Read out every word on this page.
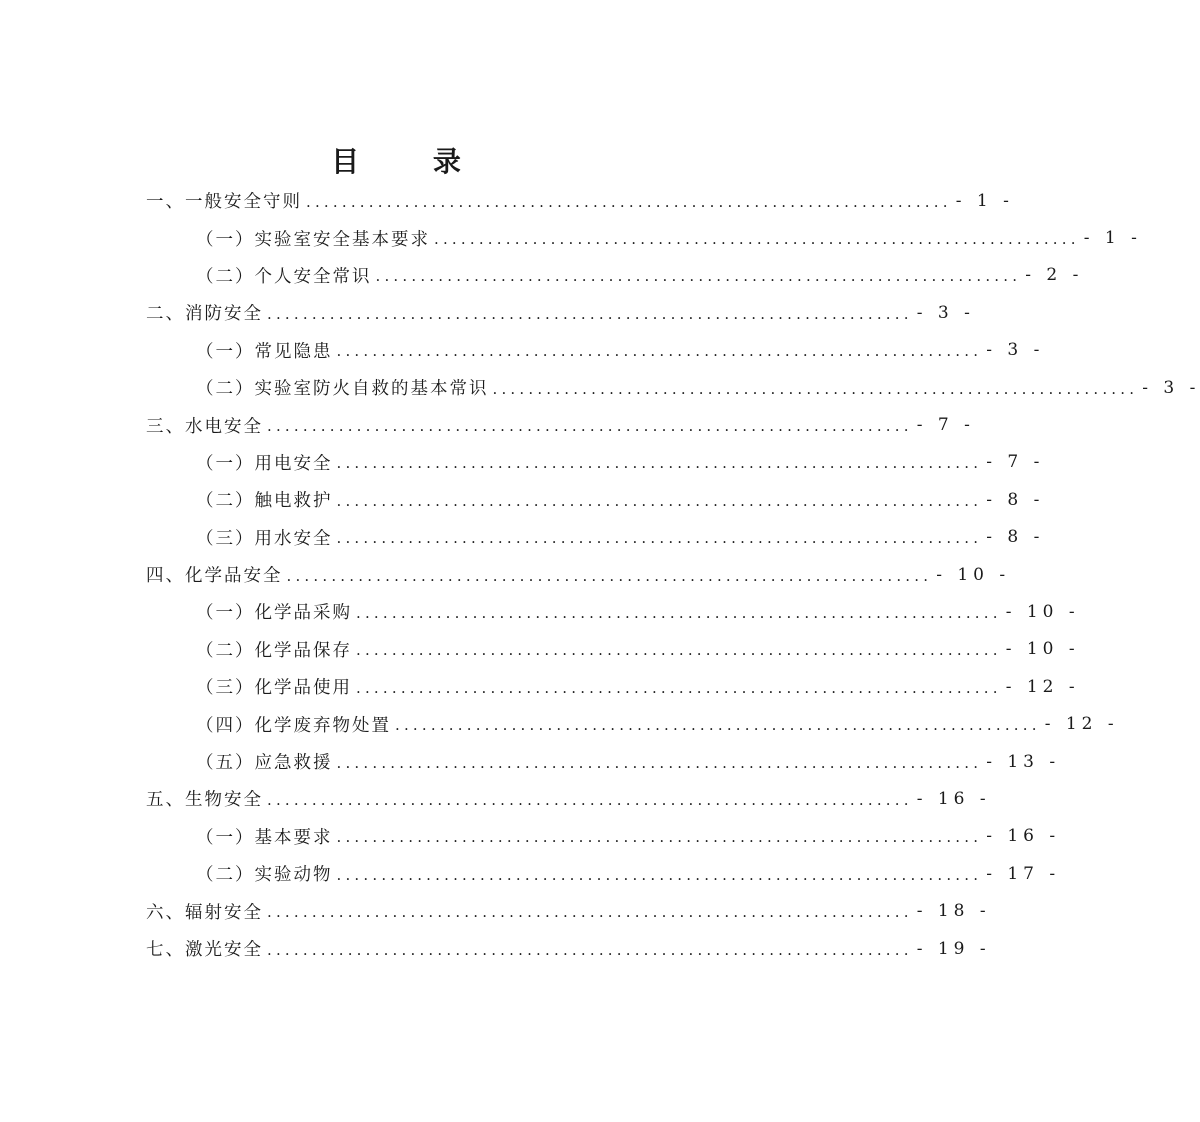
目 录
一、一般安全守则 ........................................................................ - 1 -
（一）实验室安全基本要求 ........................................................................ - 1 -
（二）个人安全常识 ........................................................................ - 2 -
二、消防安全 ........................................................................ - 3 -
（一）常见隐患 ........................................................................ - 3 -
（二）实验室防火自救的基本常识 ........................................................................ - 3 -
三、水电安全 ........................................................................ - 7 -
（一）用电安全 ........................................................................ - 7 -
（二）触电救护 ........................................................................ - 8 -
（三）用水安全 ........................................................................ - 8 -
四、化学品安全 ........................................................................ - 10 -
（一）化学品采购 ........................................................................ - 10 -
（二）化学品保存 ........................................................................ - 10 -
（三）化学品使用 ........................................................................ - 12 -
（四）化学废弃物处置 ........................................................................ - 12 -
（五）应急救援 ........................................................................ - 13 -
五、生物安全 ........................................................................ - 16 -
（一）基本要求 ........................................................................ - 16 -
（二）实验动物 ........................................................................ - 17 -
六、辐射安全 ........................................................................ - 18 -
七、激光安全 ........................................................................ - 19 -
